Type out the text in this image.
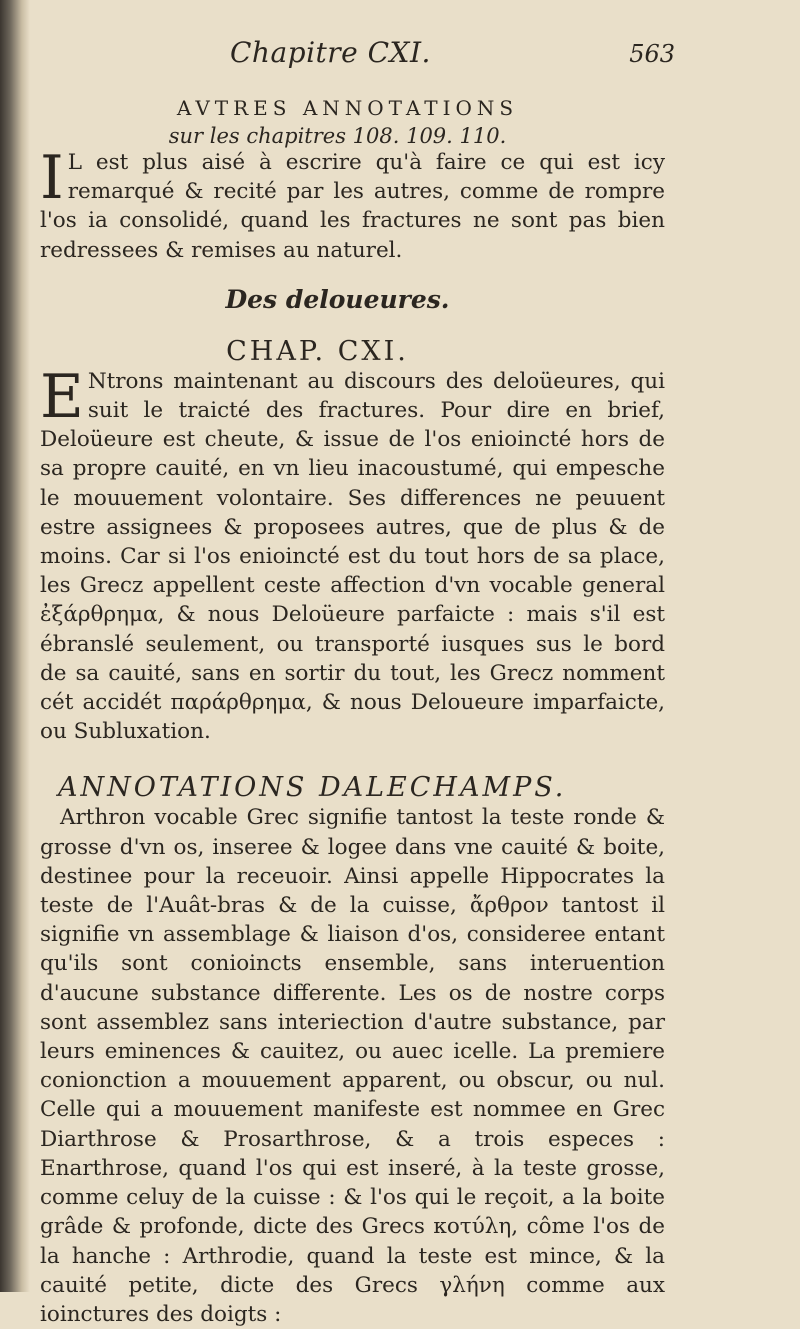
Chapitre CXI.	563
AVTRES ANNOTATIONS
sur les chapitres 108. 109. 110.

I L est plus aisé à escrire qu'à faire ce qui est icy remarqué & recité par les autres, comme de rompre l'os ia consolidé, quand les fractures ne sont pas bien redressees & remises au naturel.

Des deloueures.
CHAP. CXI.

E Ntrons maintenant au discours des deloüeures, qui suit le traicté des fractures. Pour dire en brief, Deloüeure est cheute, & issue de l'os enioincté hors de sa propre cauité, en vn lieu inacoustumé, qui empesche le mouuement volontaire. Ses differences ne peuuent estre assignees & proposees autres, que de plus & de moins. Car si l'os enioincté est du tout hors de sa place, les Grecz appellent ceste affection d'vn vocable general ἐξάρθρημα, & nous Deloüeure parfaicte : mais s'il est ébranslé seulement, ou transporté iusques sus le bord de sa cauité, sans en sortir du tout, les Grecz nomment cét accidét παράρθρημα, & nous Deloueure imparfaicte, ou Subluxation.

ANNOTATIONS DALECHAMPS.

Arthron vocable Grec signifie tantost la teste ronde & grosse d'vn os, inseree & logee dans vne cauité & boite, destinee pour la receuoir. Ainsi appelle Hippocrates la teste de l'Auât-bras & de la cuisse, ἄρθρον tantost il signifie vn assemblage & liaison d'os, consideree entant qu'ils sont conioincts ensemble, sans interuention d'aucune substance differente. Les os de nostre corps sont assemblez sans interiection d'autre substance, par leurs eminences & cauitez, ou auec icelle. La premiere conionction a mouuement apparent, ou obscur, ou nul. Celle qui a mouuement manifeste est nommee en Grec Diarthrose & Prosarthrose, & a trois especes : Enarthrose, quand l'os qui est inseré, à la teste grosse, comme celuy de la cuisse : & l'os qui le reçoit, a la boite grâde & profonde, dicte des Grecs κοτύλη, côme l'os de la hanche : Arthrodie, quand la teste est mince, & la cauité petite, dicte des Grecs γλήνη comme aux ioinctures des doigts :
